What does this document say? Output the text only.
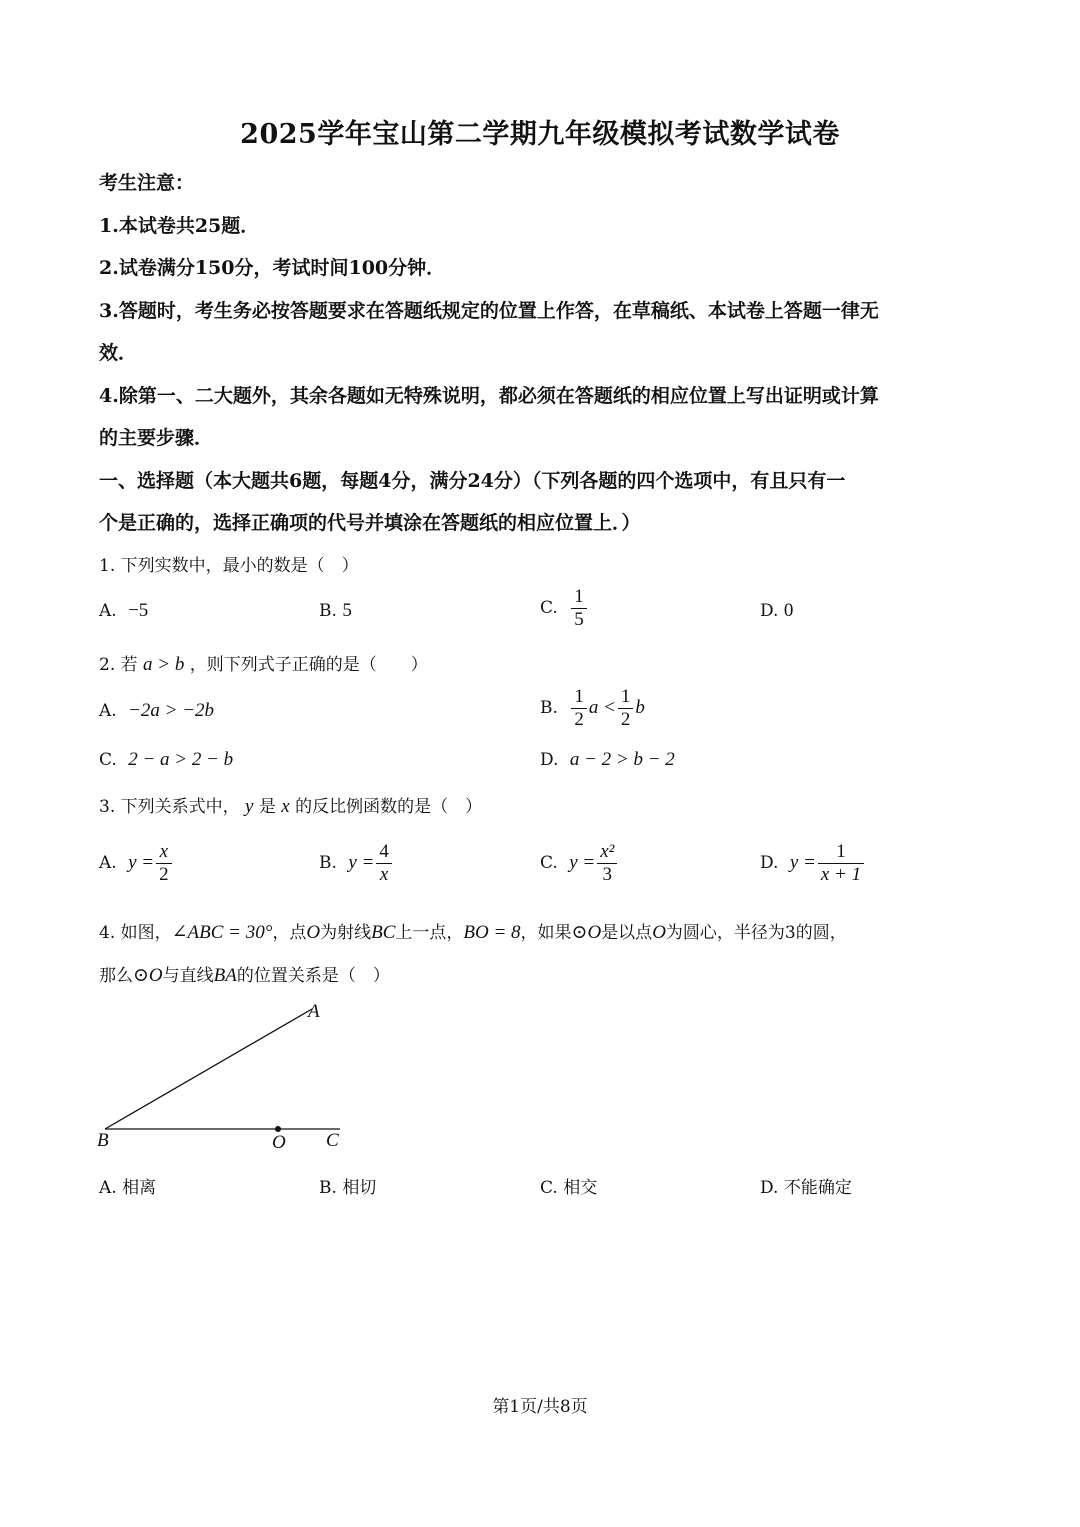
2025学年宝山第二学期九年级模拟考试数学试卷
考生注意：
1.本试卷共25题．
2.试卷满分150分，考试时间100分钟．
3.答题时，考生务必按答题要求在答题纸规定的位置上作答，在草稿纸、本试卷上答题一律无
效．
4.除第一、二大题外，其余各题如无特殊说明，都必须在答题纸的相应位置上写出证明或计算
的主要步骤．
一、选择题（本大题共6题，每题4分，满分24分）（下列各题的四个选项中，有且只有一
个是正确的，选择正确项的代号并填涂在答题纸的相应位置上．）
1. 下列实数中，最小的数是（　）
A. −5	B. 5	C. $\frac{1}{5}$	D. 0
2. 若 a > b ，则下列式子正确的是（　　）
A. −2a > −2b	B. $\frac{1}{2}$ $a < \frac{1}{2}$ b
C. 2 − a > 2 − b	D. a − 2 > b − 2
3. 下列关系式中， y 是 x 的反比例函数的是（　）
A. $y = \frac{x}{2}$	B. $y = \frac{4}{x}$	C. $y = \frac{\text{x²}}{3}$	D. $y = \frac{1}{x + 1}$
4. 如图，∠ABC = 30°，点O为射线BC上一点，BO = 8，如果⊙O是以点O为圆心，半径为3的圆，
那么⊙O与直线BA的位置关系是（　）
A
B	O C
A. 相离	B. 相切	C. 相交	D. 不能确定
第1页/共8页
